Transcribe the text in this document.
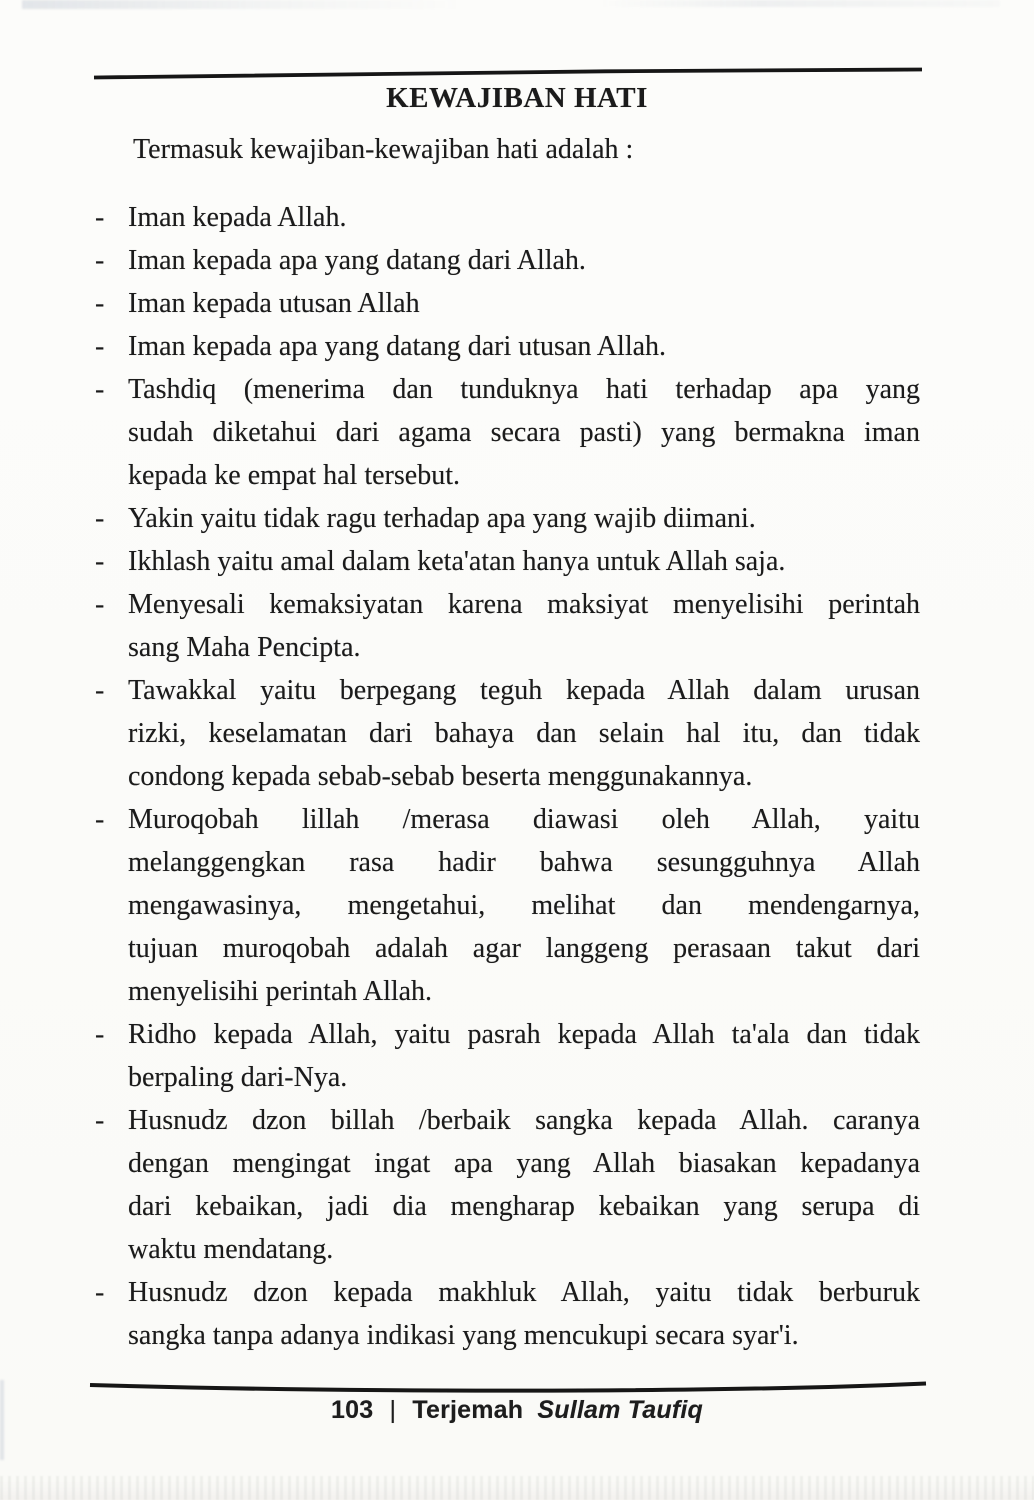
KEWAJIBAN HATI

Termasuk kewajiban-kewajiban hati adalah :

- Iman kepada Allah.
- Iman kepada apa yang datang dari Allah.
- Iman kepada utusan Allah
- Iman kepada apa yang datang dari utusan Allah.
- Tashdiq (menerima dan tunduknya hati terhadap apa yang
sudah diketahui dari agama secara pasti) yang bermakna iman
kepada ke empat hal tersebut.
- Yakin yaitu tidak ragu terhadap apa yang wajib diimani.
- Ikhlash yaitu amal dalam keta'atan hanya untuk Allah saja.
- Menyesali kemaksiyatan karena maksiyat menyelisihi perintah
sang Maha Pencipta.
- Tawakkal yaitu berpegang teguh kepada Allah dalam urusan
rizki, keselamatan dari bahaya dan selain hal itu, dan tidak
condong kepada sebab-sebab beserta menggunakannya.
- Muroqobah lillah /merasa diawasi oleh Allah, yaitu
melanggengkan rasa hadir bahwa sesungguhnya Allah
mengawasinya, mengetahui, melihat dan mendengarnya,
tujuan muroqobah adalah agar langgeng perasaan takut dari
menyelisihi perintah Allah.
- Ridho kepada Allah, yaitu pasrah kepada Allah ta'ala dan tidak
berpaling dari-Nya.
- Husnudz dzon billah /berbaik sangka kepada Allah. caranya
dengan mengingat ingat apa yang Allah biasakan kepadanya
dari kebaikan, jadi dia mengharap kebaikan yang serupa di
waktu mendatang.
- Husnudz dzon kepada makhluk Allah, yaitu tidak berburuk
sangka tanpa adanya indikasi yang mencukupi secara syar'i.
103 | Terjemah Sullam Taufiq
